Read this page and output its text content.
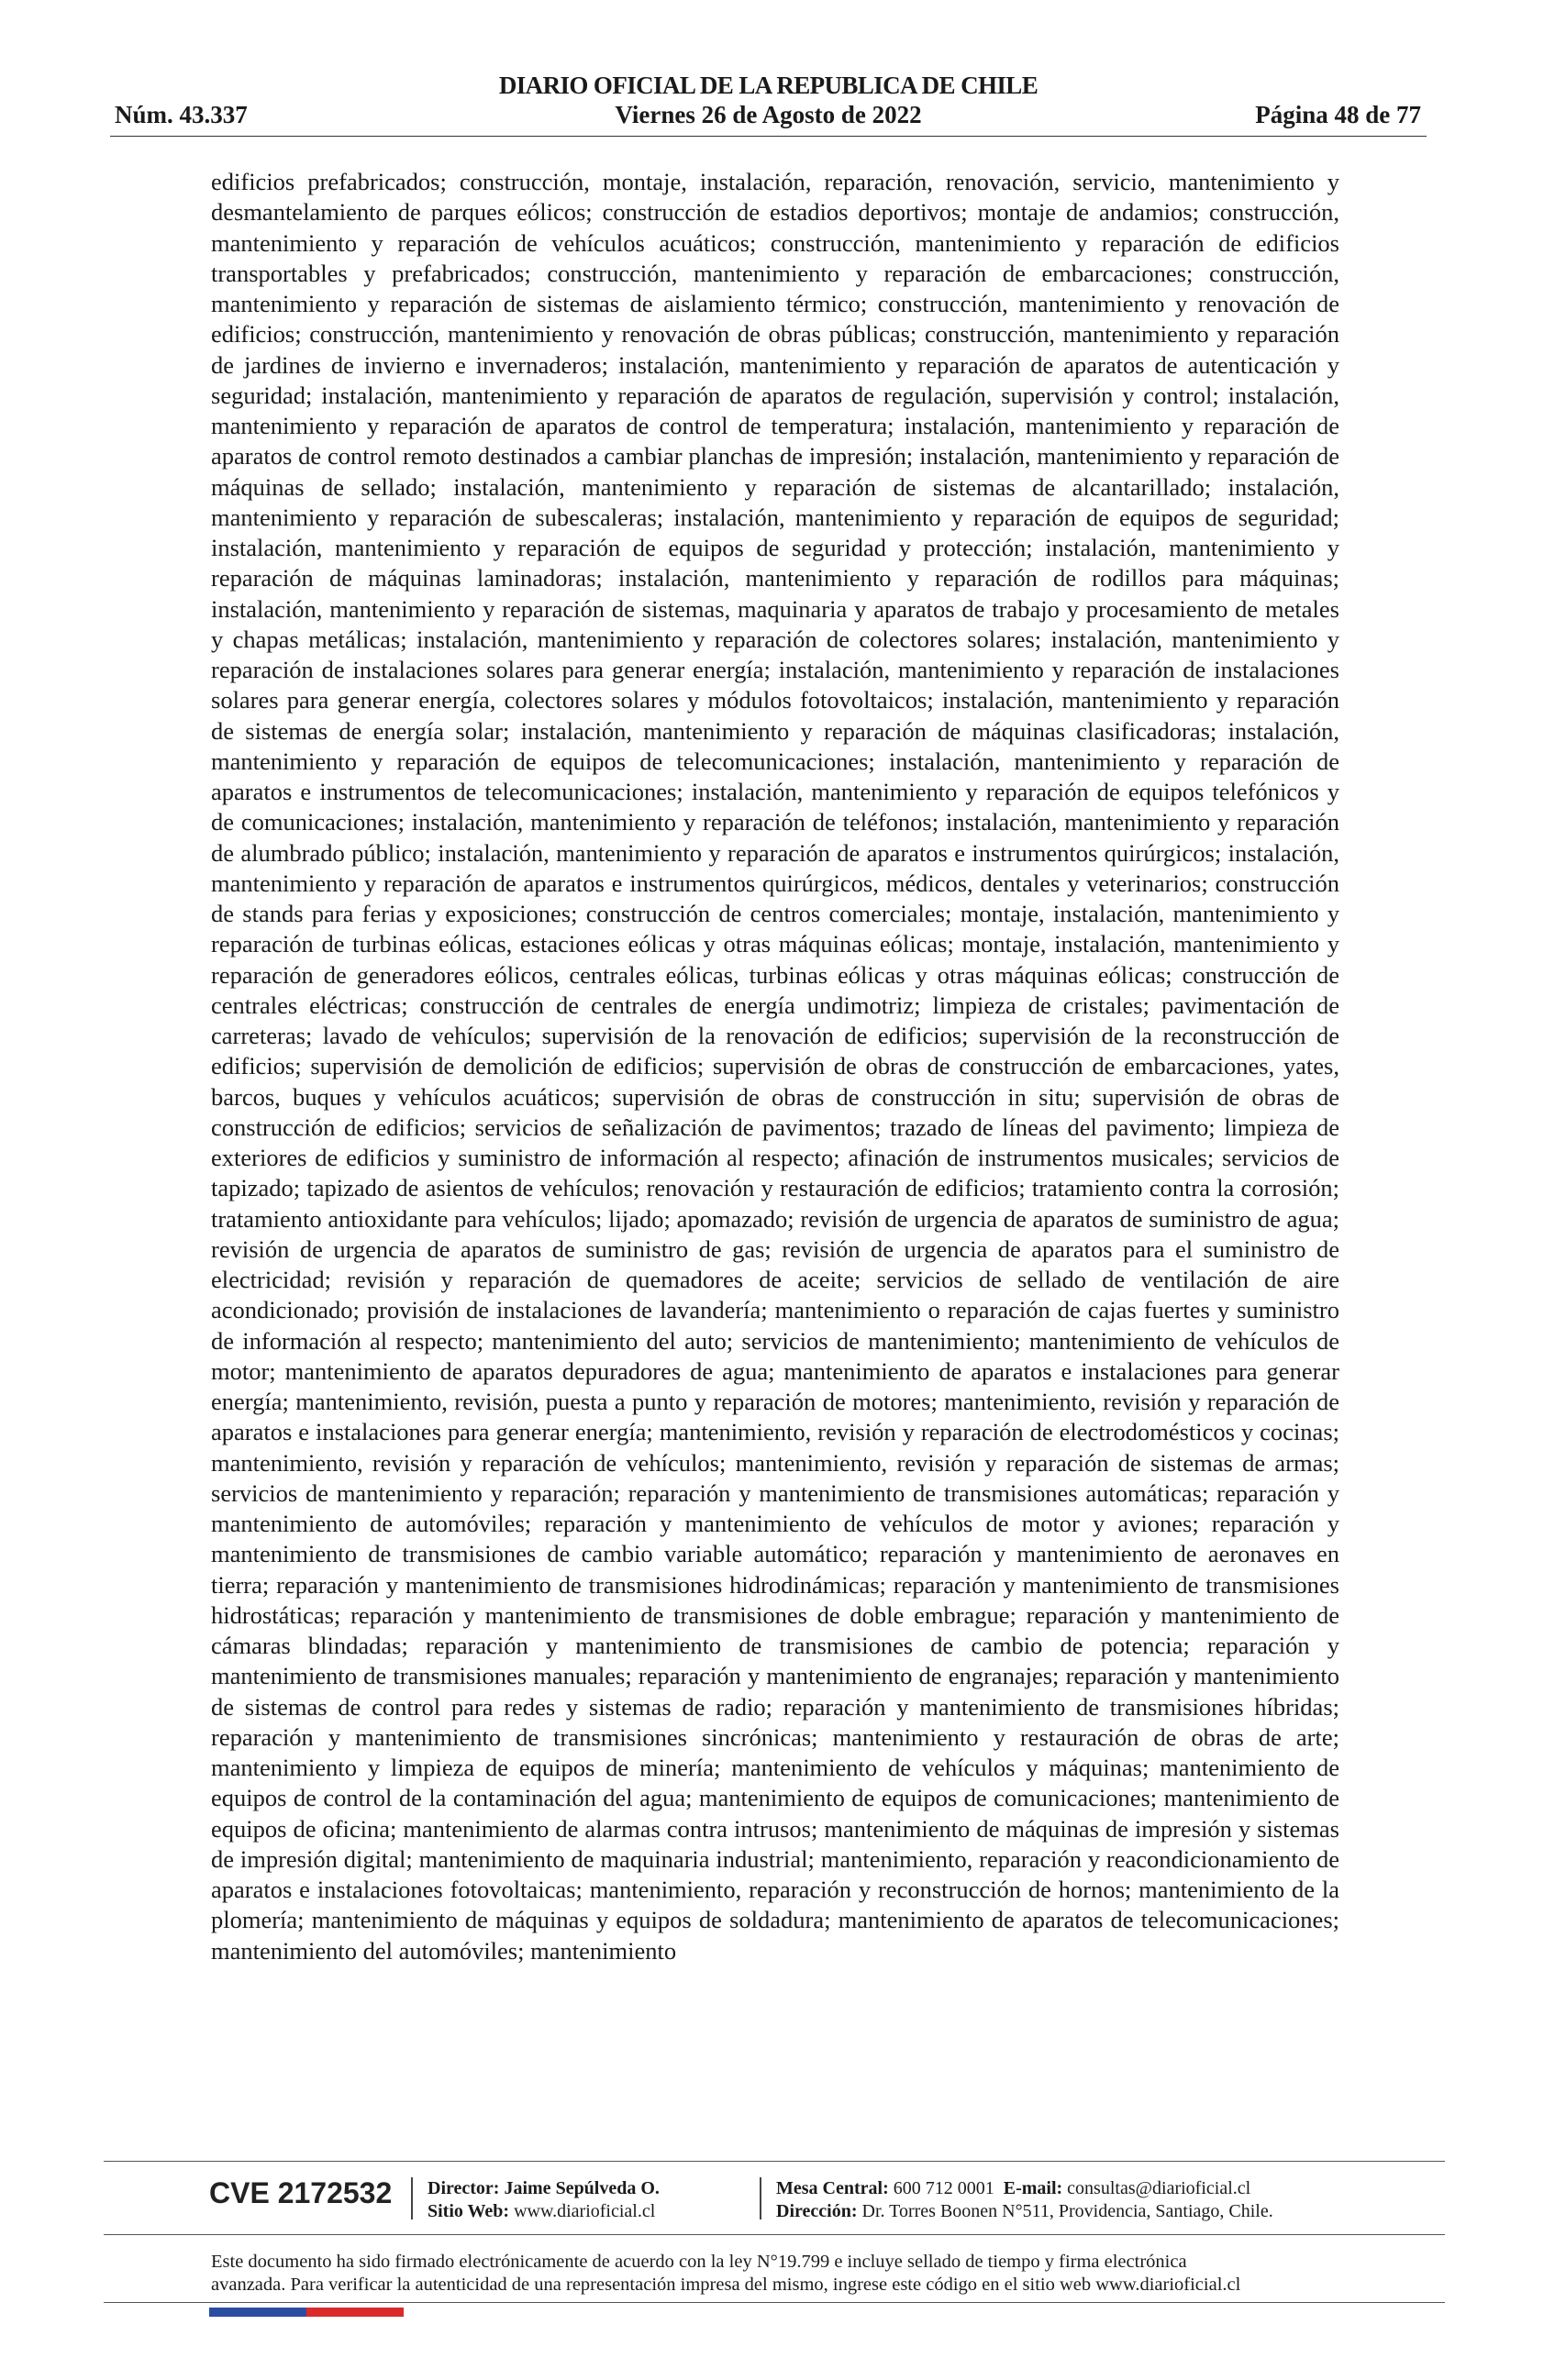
DIARIO OFICIAL DE LA REPUBLICA DE CHILE
Núm. 43.337	Viernes 26 de Agosto de 2022	Página 48 de 77
edificios prefabricados; construcción, montaje, instalación, reparación, renovación, servicio, mantenimiento y desmantelamiento de parques eólicos; construcción de estadios deportivos; montaje de andamios; construcción, mantenimiento y reparación de vehículos acuáticos; construcción, mantenimiento y reparación de edificios transportables y prefabricados; construcción, mantenimiento y reparación de embarcaciones; construcción, mantenimiento y reparación de sistemas de aislamiento térmico; construcción, mantenimiento y renovación de edificios; construcción, mantenimiento y renovación de obras públicas; construcción, mantenimiento y reparación de jardines de invierno e invernaderos; instalación, mantenimiento y reparación de aparatos de autenticación y seguridad; instalación, mantenimiento y reparación de aparatos de regulación, supervisión y control; instalación, mantenimiento y reparación de aparatos de control de temperatura; instalación, mantenimiento y reparación de aparatos de control remoto destinados a cambiar planchas de impresión; instalación, mantenimiento y reparación de máquinas de sellado; instalación, mantenimiento y reparación de sistemas de alcantarillado; instalación, mantenimiento y reparación de subescaleras; instalación, mantenimiento y reparación de equipos de seguridad; instalación, mantenimiento y reparación de equipos de seguridad y protección; instalación, mantenimiento y reparación de máquinas laminadoras; instalación, mantenimiento y reparación de rodillos para máquinas; instalación, mantenimiento y reparación de sistemas, maquinaria y aparatos de trabajo y procesamiento de metales y chapas metálicas; instalación, mantenimiento y reparación de colectores solares; instalación, mantenimiento y reparación de instalaciones solares para generar energía; instalación, mantenimiento y reparación de instalaciones solares para generar energía, colectores solares y módulos fotovoltaicos; instalación, mantenimiento y reparación de sistemas de energía solar; instalación, mantenimiento y reparación de máquinas clasificadoras; instalación, mantenimiento y reparación de equipos de telecomunicaciones; instalación, mantenimiento y reparación de aparatos e instrumentos de telecomunicaciones; instalación, mantenimiento y reparación de equipos telefónicos y de comunicaciones; instalación, mantenimiento y reparación de teléfonos; instalación, mantenimiento y reparación de alumbrado público; instalación, mantenimiento y reparación de aparatos e instrumentos quirúrgicos; instalación, mantenimiento y reparación de aparatos e instrumentos quirúrgicos, médicos, dentales y veterinarios; construcción de stands para ferias y exposiciones; construcción de centros comerciales; montaje, instalación, mantenimiento y reparación de turbinas eólicas, estaciones eólicas y otras máquinas eólicas; montaje, instalación, mantenimiento y reparación de generadores eólicos, centrales eólicas, turbinas eólicas y otras máquinas eólicas; construcción de centrales eléctricas; construcción de centrales de energía undimotriz; limpieza de cristales; pavimentación de carreteras; lavado de vehículos; supervisión de la renovación de edificios; supervisión de la reconstrucción de edificios; supervisión de demolición de edificios; supervisión de obras de construcción de embarcaciones, yates, barcos, buques y vehículos acuáticos; supervisión de obras de construcción in situ; supervisión de obras de construcción de edificios; servicios de señalización de pavimentos; trazado de líneas del pavimento; limpieza de exteriores de edificios y suministro de información al respecto; afinación de instrumentos musicales; servicios de tapizado; tapizado de asientos de vehículos; renovación y restauración de edificios; tratamiento contra la corrosión; tratamiento antioxidante para vehículos; lijado; apomazado; revisión de urgencia de aparatos de suministro de agua; revisión de urgencia de aparatos de suministro de gas; revisión de urgencia de aparatos para el suministro de electricidad; revisión y reparación de quemadores de aceite; servicios de sellado de ventilación de aire acondicionado; provisión de instalaciones de lavandería; mantenimiento o reparación de cajas fuertes y suministro de información al respecto; mantenimiento del auto; servicios de mantenimiento; mantenimiento de vehículos de motor; mantenimiento de aparatos depuradores de agua; mantenimiento de aparatos e instalaciones para generar energía; mantenimiento, revisión, puesta a punto y reparación de motores; mantenimiento, revisión y reparación de aparatos e instalaciones para generar energía; mantenimiento, revisión y reparación de electrodomésticos y cocinas; mantenimiento, revisión y reparación de vehículos; mantenimiento, revisión y reparación de sistemas de armas; servicios de mantenimiento y reparación; reparación y mantenimiento de transmisiones automáticas; reparación y mantenimiento de automóviles; reparación y mantenimiento de vehículos de motor y aviones; reparación y mantenimiento de transmisiones de cambio variable automático; reparación y mantenimiento de aeronaves en tierra; reparación y mantenimiento de transmisiones hidrodinámicas; reparación y mantenimiento de transmisiones hidrostáticas; reparación y mantenimiento de transmisiones de doble embrague; reparación y mantenimiento de cámaras blindadas; reparación y mantenimiento de transmisiones de cambio de potencia; reparación y mantenimiento de transmisiones manuales; reparación y mantenimiento de engranajes; reparación y mantenimiento de sistemas de control para redes y sistemas de radio; reparación y mantenimiento de transmisiones híbridas; reparación y mantenimiento de transmisiones sincrónicas; mantenimiento y restauración de obras de arte; mantenimiento y limpieza de equipos de minería; mantenimiento de vehículos y máquinas; mantenimiento de equipos de control de la contaminación del agua; mantenimiento de equipos de comunicaciones; mantenimiento de equipos de oficina; mantenimiento de alarmas contra intrusos; mantenimiento de máquinas de impresión y sistemas de impresión digital; mantenimiento de maquinaria industrial; mantenimiento, reparación y reacondicionamiento de aparatos e instalaciones fotovoltaicas; mantenimiento, reparación y reconstrucción de hornos; mantenimiento de la plomería; mantenimiento de máquinas y equipos de soldadura; mantenimiento de aparatos de telecomunicaciones; mantenimiento del automóviles; mantenimiento
CVE 2172532 Director: Jaime Sepúlveda O.
Sitio Web: www.diarioficial.cl
Mesa Central: 600 712 0001 E-mail: consultas@diarioficial.cl
Dirección: Dr. Torres Boonen N°511, Providencia, Santiago, Chile.
Este documento ha sido firmado electrónicamente de acuerdo con la ley N°19.799 e incluye sellado de tiempo y firma electrónica
avanzada. Para verificar la autenticidad de una representación impresa del mismo, ingrese este código en el sitio web www.diarioficial.cl
